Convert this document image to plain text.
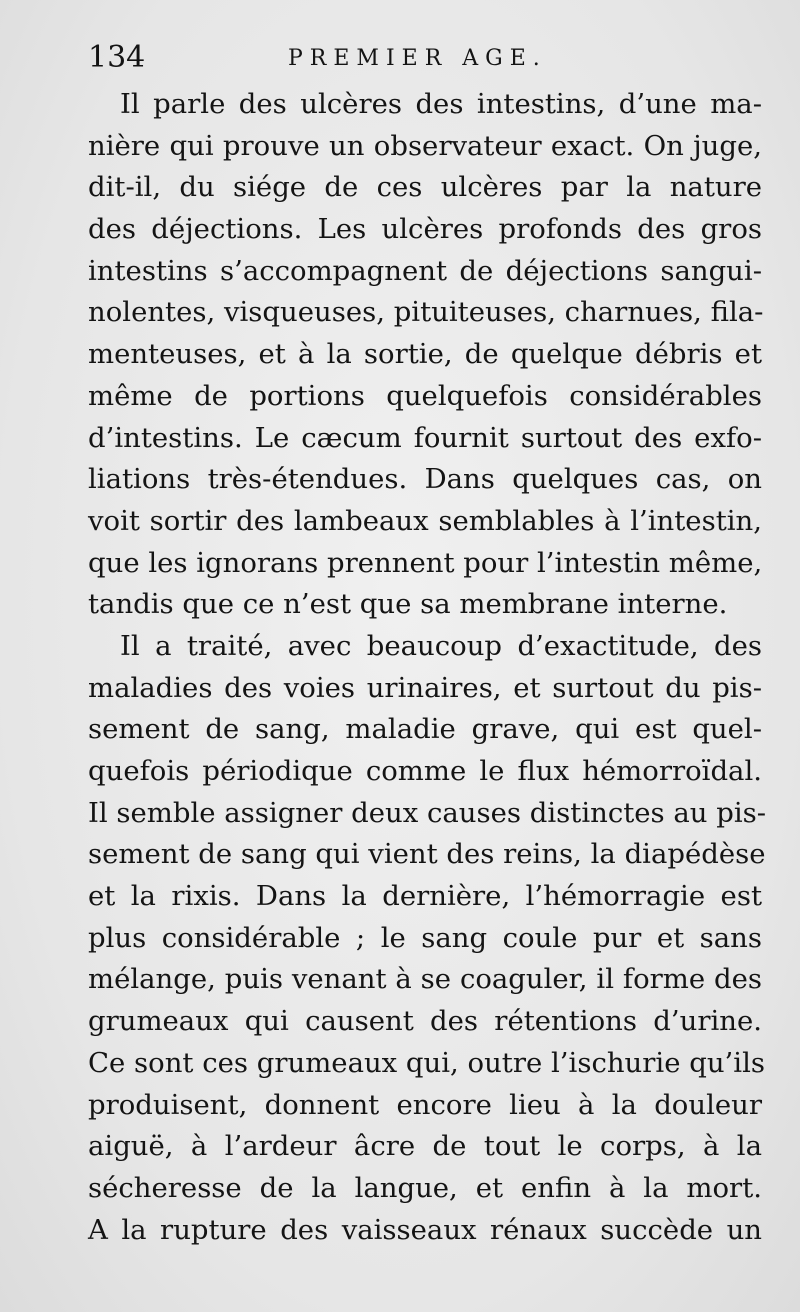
134	PREMIER AGE.
Il parle des ulcères des intestins, d’une ma-
nière qui prouve un observateur exact. On juge,
dit-il, du siége de ces ulcères par la nature
des déjections. Les ulcères profonds des gros
intestins s’accompagnent de déjections sangui-
nolentes, visqueuses, pituiteuses, charnues, fila-
menteuses, et à la sortie, de quelque débris et
même de portions quelquefois considérables
d’intestins. Le cæcum fournit surtout des exfo-
liations très-étendues. Dans quelques cas, on
voit sortir des lambeaux semblables à l’intestin,
que les ignorans prennent pour l’intestin même,
tandis que ce n’est que sa membrane interne.
Il a traité, avec beaucoup d’exactitude, des
maladies des voies urinaires, et surtout du pis-
sement de sang, maladie grave, qui est quel-
quefois périodique comme le flux hémorroïdal.
Il semble assigner deux causes distinctes au pis-
sement de sang qui vient des reins, la diapédèse
et la rixis. Dans la dernière, l’hémorragie est
plus considérable ; le sang coule pur et sans
mélange, puis venant à se coaguler, il forme des
grumeaux qui causent des rétentions d’urine.
Ce sont ces grumeaux qui, outre l’ischurie qu’ils
produisent, donnent encore lieu à la douleur
aiguë, à l’ardeur âcre de tout le corps, à la
sécheresse de la langue, et enfin à la mort.
A la rupture des vaisseaux rénaux succède un
